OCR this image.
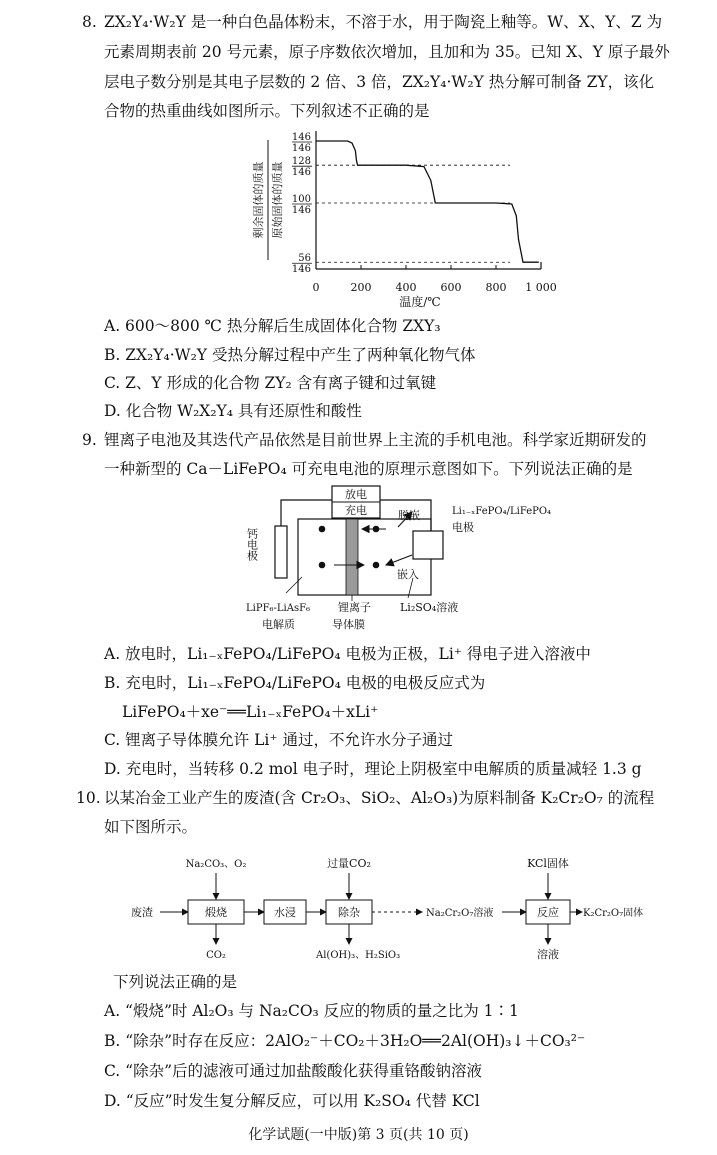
8. ZX₂Y₄·W₂Y 是一种白色晶体粉末，不溶于水，用于陶瓷上釉等。W、X、Y、Z 为
元素周期表前 20 号元素，原子序数依次增加，且加和为 35。已知 X、Y 原子最外
层电子数分别是其电子层数的 2 倍、3 倍，ZX₂Y₄·W₂Y 热分解可制备 ZY，该化
合物的热重曲线如图所示。下列叙述不正确的是
0	200 400 600 800 1 000
146
146
128
146
100
146
56
146
温度/℃
剩余固体的质量 原始固体的质量
A. 600～800 ℃ 热分解后生成固体化合物 ZXY₃
B. ZX₂Y₄·W₂Y 受热分解过程中产生了两种氧化物气体
C. Z、Y 形成的化合物 ZY₂ 含有离子键和过氧键
D. 化合物 W₂X₂Y₄ 具有还原性和酸性
9. 锂离子电池及其迭代产品依然是目前世界上主流的手机电池。科学家近期研发的
一种新型的 Ca－LiFePO₄ 可充电电池的原理示意图如下。下列说法正确的是
放电
充电
钙电极
Li₁₋ₓFePO₄/LiFePO₄
电极
脱嵌
嵌入
LiPF₆-LiAsF₆
电解质
锂离子
导体膜
Li₂SO₄溶液
A. 放电时，Li₁₋ₓFePO₄/LiFePO₄ 电极为正极，Li⁺ 得电子进入溶液中
B. 充电时，Li₁₋ₓFePO₄/LiFePO₄ 电极的电极反应式为
LiFePO₄＋xe⁻══Li₁₋ₓFePO₄＋xLi⁺
C. 锂离子导体膜允许 Li⁺ 通过，不允许水分子通过
D. 充电时，当转移 0.2 mol 电子时，理论上阴极室中电解质的质量减轻 1.3 g
10. 以某冶金工业产生的废渣(含 Cr₂O₃、SiO₂、Al₂O₃)为原料制备 K₂Cr₂O₇ 的流程
如下图所示。
废渣	煅烧
Na₂CO₃、O₂
CO₂
水浸	除杂
过量CO₂
Al(OH)₃、H₂SiO₃
Na₂Cr₂O₇溶液	反应
KCl固体
溶液
K₂Cr₂O₇固体
下列说法正确的是
A. “煅烧”时 Al₂O₃ 与 Na₂CO₃ 反应的物质的量之比为 1∶1
B. “除杂”时存在反应：2AlO₂⁻＋CO₂＋3H₂O══2Al(OH)₃↓＋CO₃²⁻
C. “除杂”后的滤液可通过加盐酸酸化获得重铬酸钠溶液
D. “反应”时发生复分解反应，可以用 K₂SO₄ 代替 KCl
化学试题(一中版)第 3 页(共 10 页)
